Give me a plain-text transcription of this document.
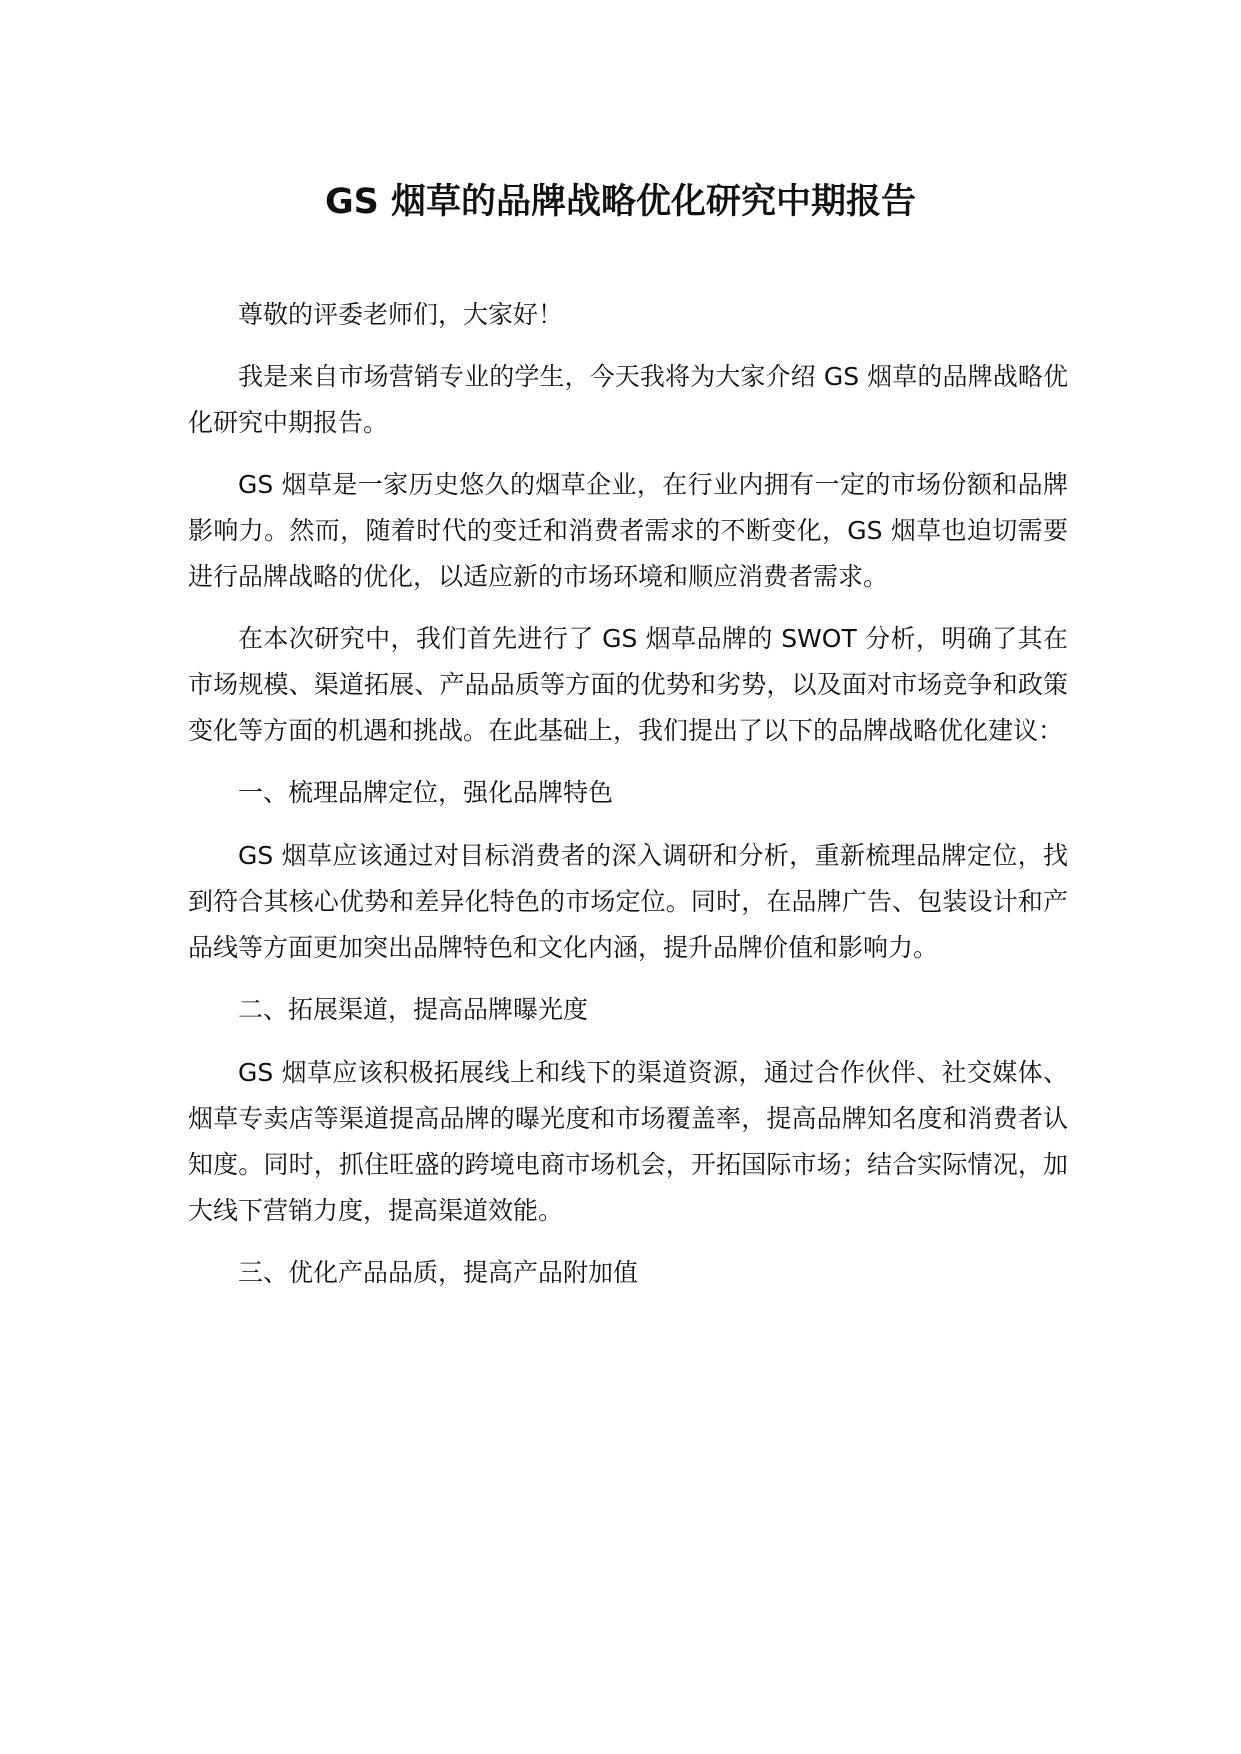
GS 烟草的品牌战略优化研究中期报告

尊敬的评委老师们，大家好！

我是来自市场营销专业的学生，今天我将为大家介绍 GS 烟草的品牌战略优化研究中期报告。

GS 烟草是一家历史悠久的烟草企业，在行业内拥有一定的市场份额和品牌影响力。然而，随着时代的变迁和消费者需求的不断变化，GS 烟草也迫切需要进行品牌战略的优化，以适应新的市场环境和顺应消费者需求。

在本次研究中，我们首先进行了 GS 烟草品牌的 SWOT 分析，明确了其在市场规模、渠道拓展、产品品质等方面的优势和劣势，以及面对市场竞争和政策变化等方面的机遇和挑战。在此基础上，我们提出了以下的品牌战略优化建议：

一、梳理品牌定位，强化品牌特色

GS 烟草应该通过对目标消费者的深入调研和分析，重新梳理品牌定位，找到符合其核心优势和差异化特色的市场定位。同时，在品牌广告、包装设计和产品线等方面更加突出品牌特色和文化内涵，提升品牌价值和影响力。

二、拓展渠道，提高品牌曝光度

GS 烟草应该积极拓展线上和线下的渠道资源，通过合作伙伴、社交媒体、烟草专卖店等渠道提高品牌的曝光度和市场覆盖率，提高品牌知名度和消费者认知度。同时，抓住旺盛的跨境电商市场机会，开拓国际市场；结合实际情况，加大线下营销力度，提高渠道效能。

三、优化产品品质，提高产品附加值
